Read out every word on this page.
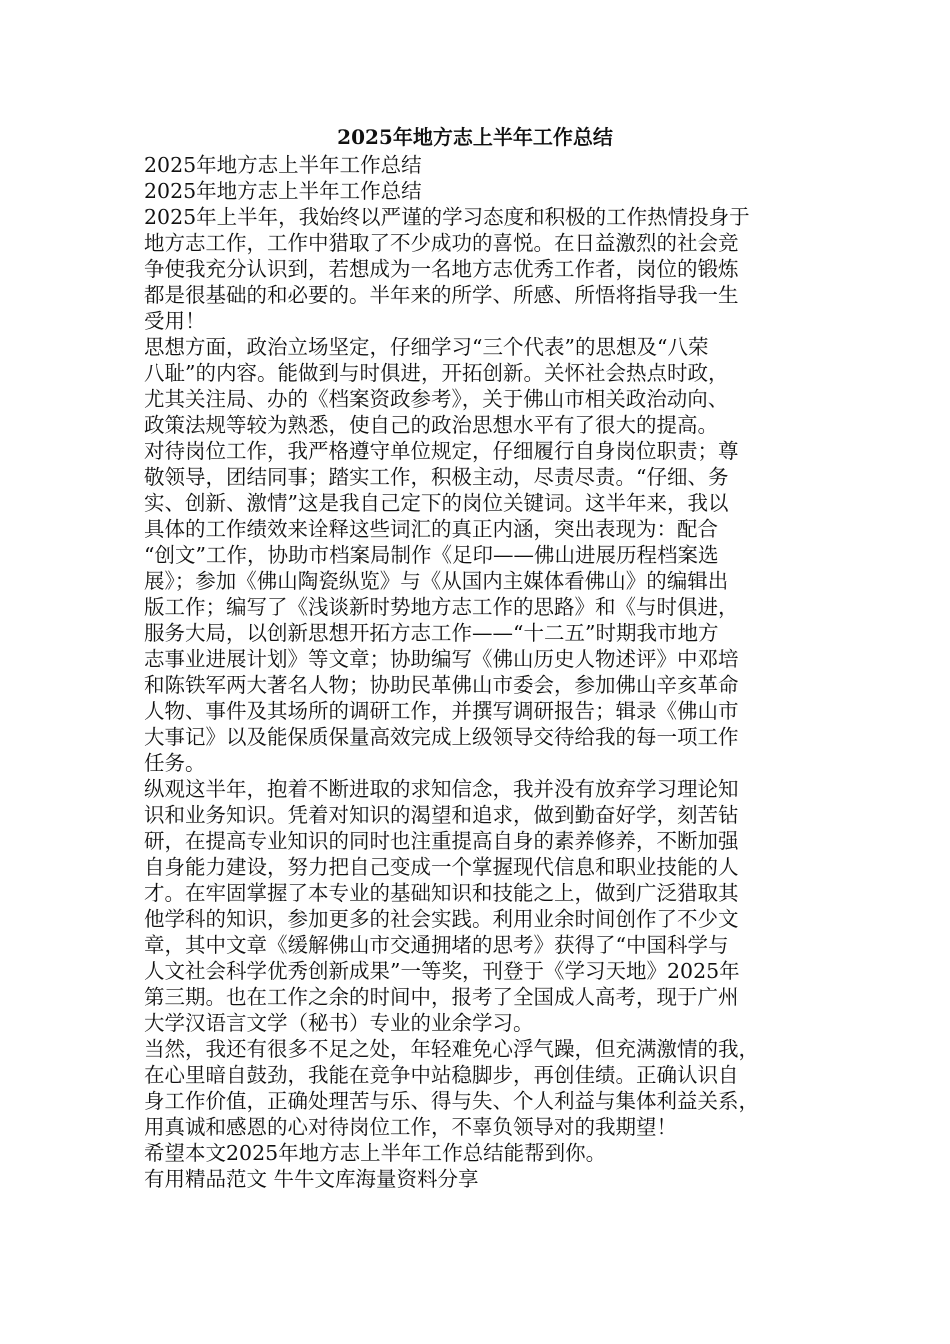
2025年地方志上半年工作总结

2025年地方志上半年工作总结

2025年地方志上半年工作总结

2025年上半年，我始终以严谨的学习态度和积极的工作热情投身于

地方志工作，工作中猎取了不少成功的喜悦。在日益激烈的社会竞

争使我充分认识到，若想成为一名地方志优秀工作者，岗位的锻炼

都是很基础的和必要的。半年来的所学、所感、所悟将指导我一生

受用！

思想方面，政治立场坚定，仔细学习“三个代表”的思想及“八荣

八耻”的内容。能做到与时俱进，开拓创新。关怀社会热点时政，

尤其关注局、办的《档案资政参考》，关于佛山市相关政治动向、

政策法规等较为熟悉，使自己的政治思想水平有了很大的提高。

对待岗位工作，我严格遵守单位规定，仔细履行自身岗位职责；尊

敬领导，团结同事；踏实工作，积极主动，尽责尽责。“仔细、务

实、创新、激情”这是我自己定下的岗位关键词。这半年来，我以

具体的工作绩效来诠释这些词汇的真正内涵，突出表现为：配合

“创文”工作，协助市档案局制作《足印——佛山进展历程档案选

展》；参加《佛山陶瓷纵览》与《从国内主媒体看佛山》的编辑出

版工作；编写了《浅谈新时势地方志工作的思路》和《与时俱进，

服务大局，以创新思想开拓方志工作——“十二五”时期我市地方

志事业进展计划》等文章；协助编写《佛山历史人物述评》中邓培

和陈铁军两大著名人物；协助民革佛山市委会，参加佛山辛亥革命

人物、事件及其场所的调研工作，并撰写调研报告；辑录《佛山市

大事记》以及能保质保量高效完成上级领导交待给我的每一项工作

任务。

纵观这半年，抱着不断进取的求知信念，我并没有放弃学习理论知

识和业务知识。凭着对知识的渴望和追求，做到勤奋好学，刻苦钻

研，在提高专业知识的同时也注重提高自身的素养修养，不断加强

自身能力建设，努力把自己变成一个掌握现代信息和职业技能的人

才。在牢固掌握了本专业的基础知识和技能之上，做到广泛猎取其

他学科的知识，参加更多的社会实践。利用业余时间创作了不少文

章，其中文章《缓解佛山市交通拥堵的思考》获得了“中国科学与

人文社会科学优秀创新成果”一等奖，刊登于《学习天地》2025年

第三期。也在工作之余的时间中，报考了全国成人高考，现于广州

大学汉语言文学（秘书）专业的业余学习。

当然，我还有很多不足之处，年轻难免心浮气躁，但充满激情的我，

在心里暗自鼓劲，我能在竞争中站稳脚步，再创佳绩。正确认识自

身工作价值，正确处理苦与乐、得与失、个人利益与集体利益关系，

用真诚和感恩的心对待岗位工作，不辜负领导对的我期望！

希望本文2025年地方志上半年工作总结能帮到你。

有用精品范文 牛牛文库海量资料分享
